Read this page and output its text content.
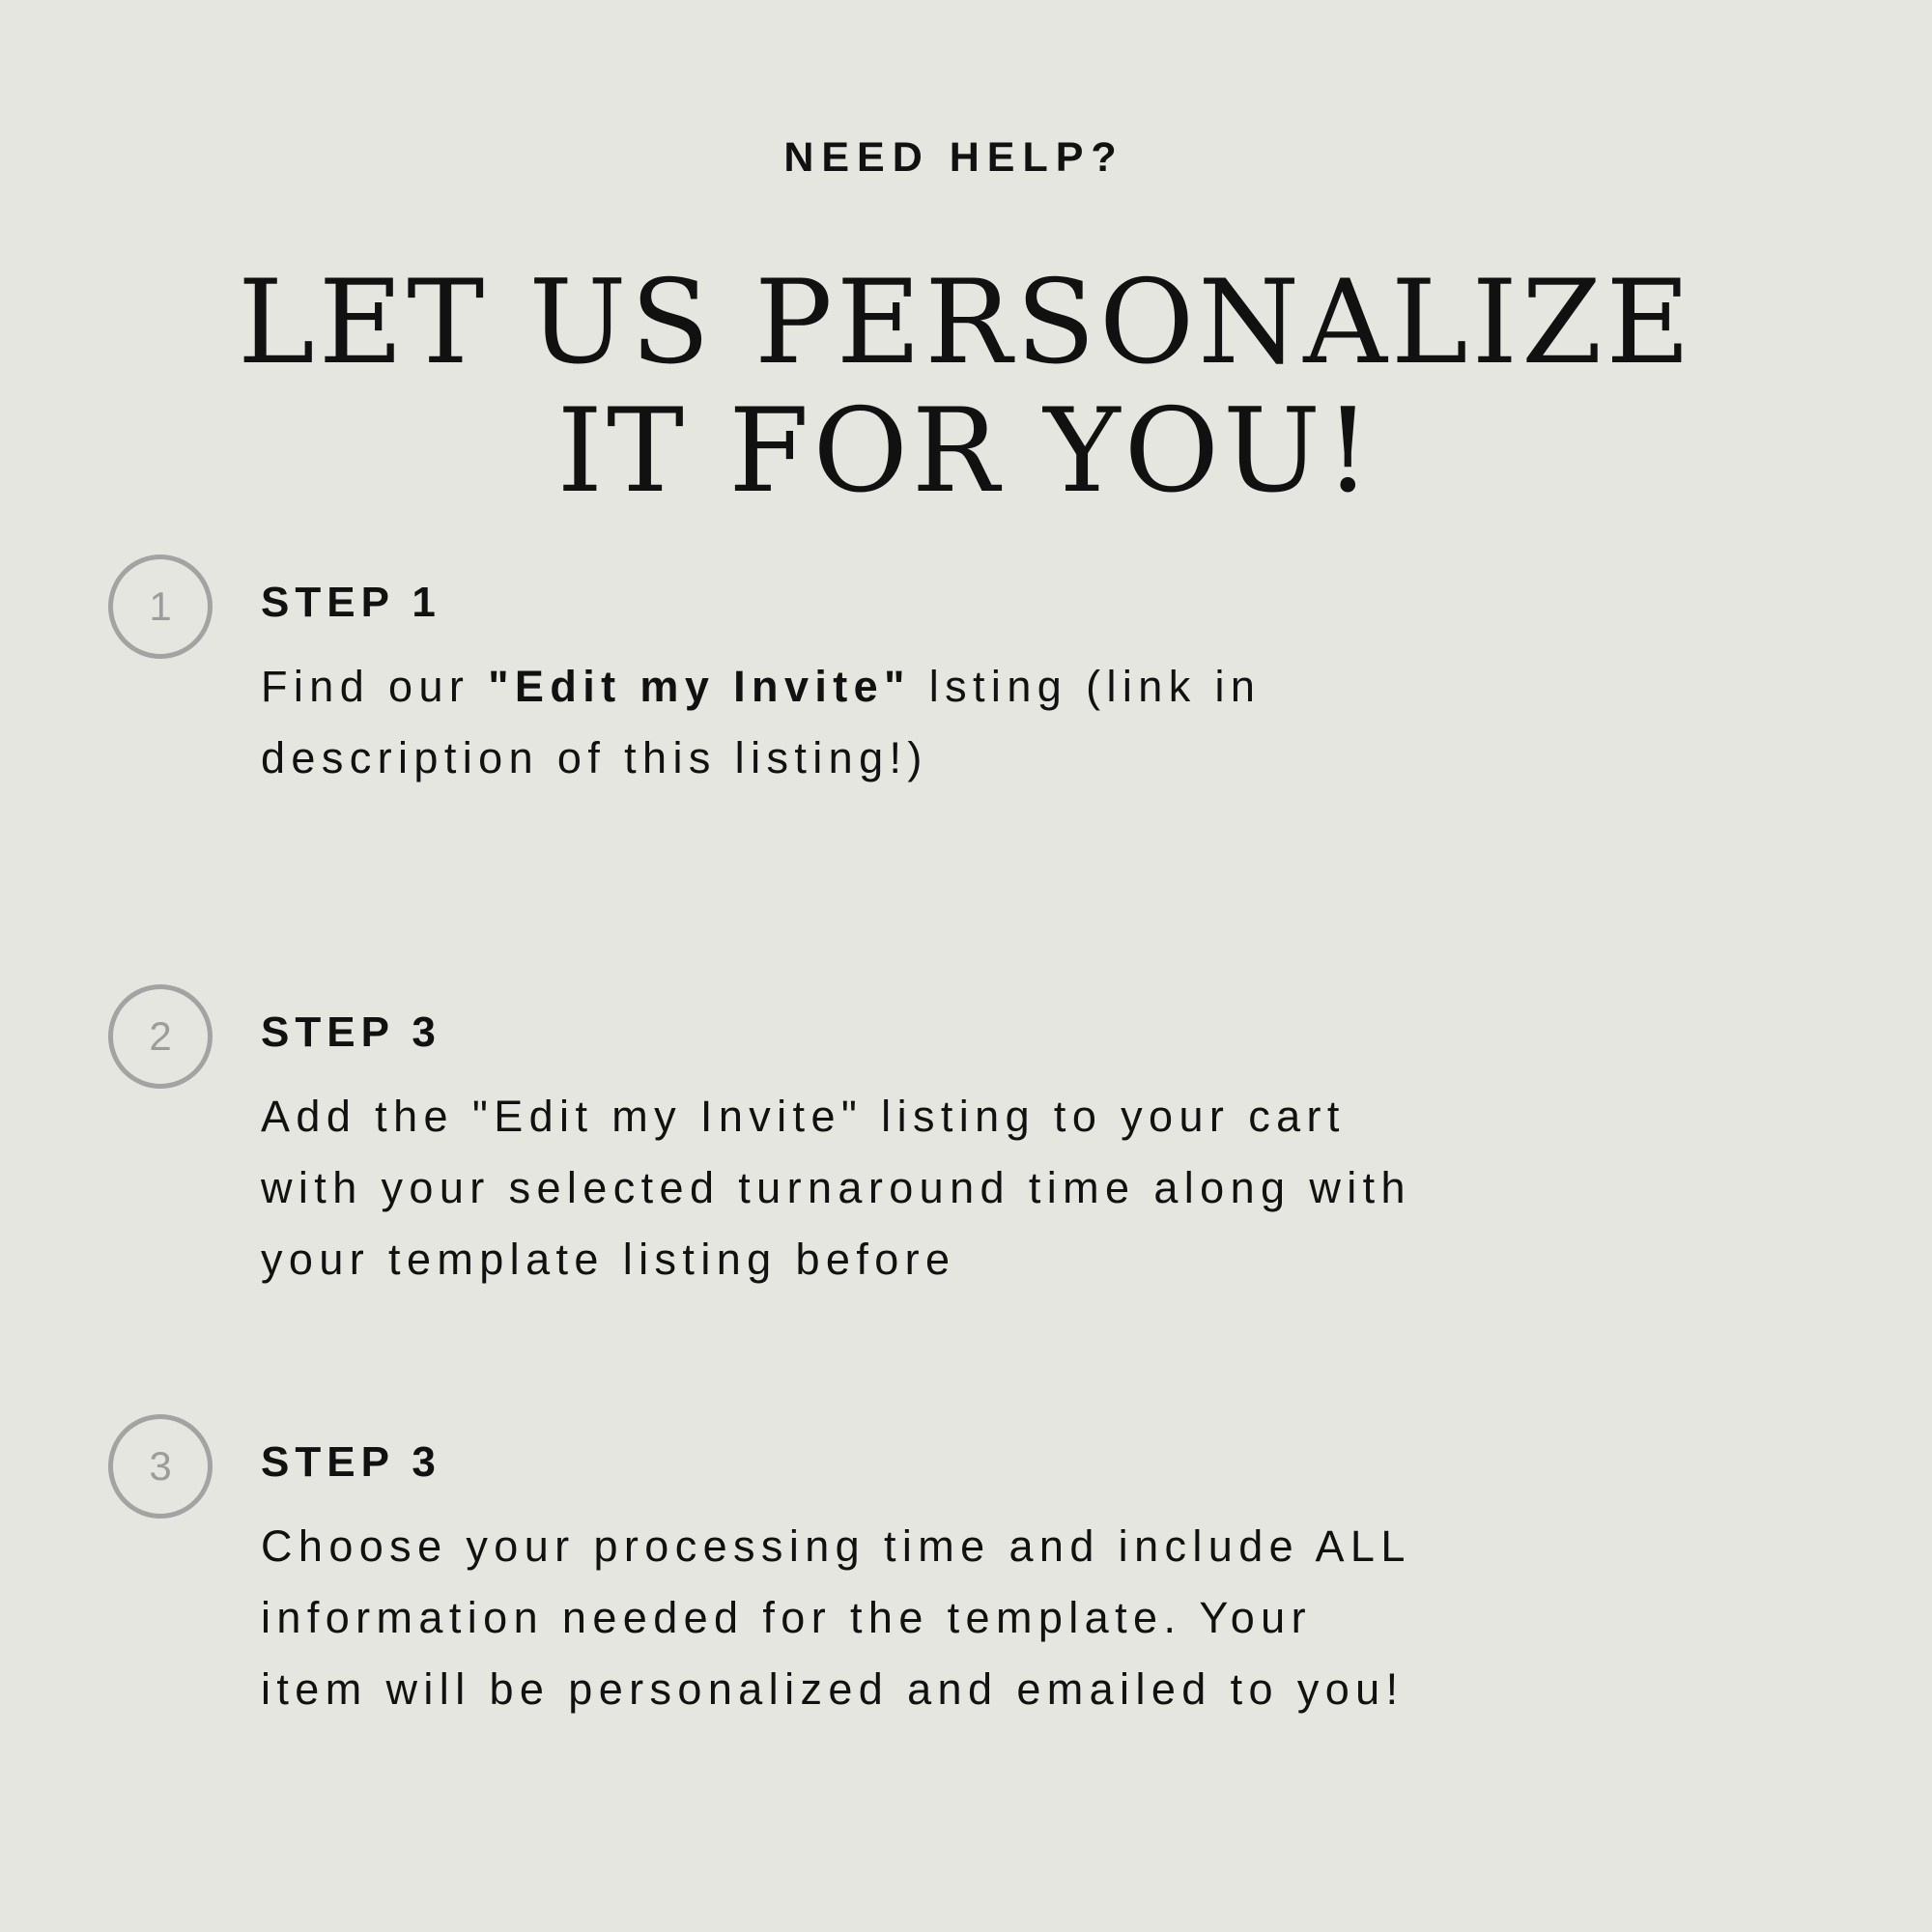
NEED HELP?
LET US PERSONALIZE
IT FOR YOU!
1 STEP 1
Find our "Edit my Invite" lsting (link in
description of this listing!)
2 STEP 3
Add the "Edit my Invite" listing to your cart
with your selected turnaround time along with
your template listing before
3 STEP 3
Choose your processing time and include ALL
information needed for the template. Your
item will be personalized and emailed to you!
